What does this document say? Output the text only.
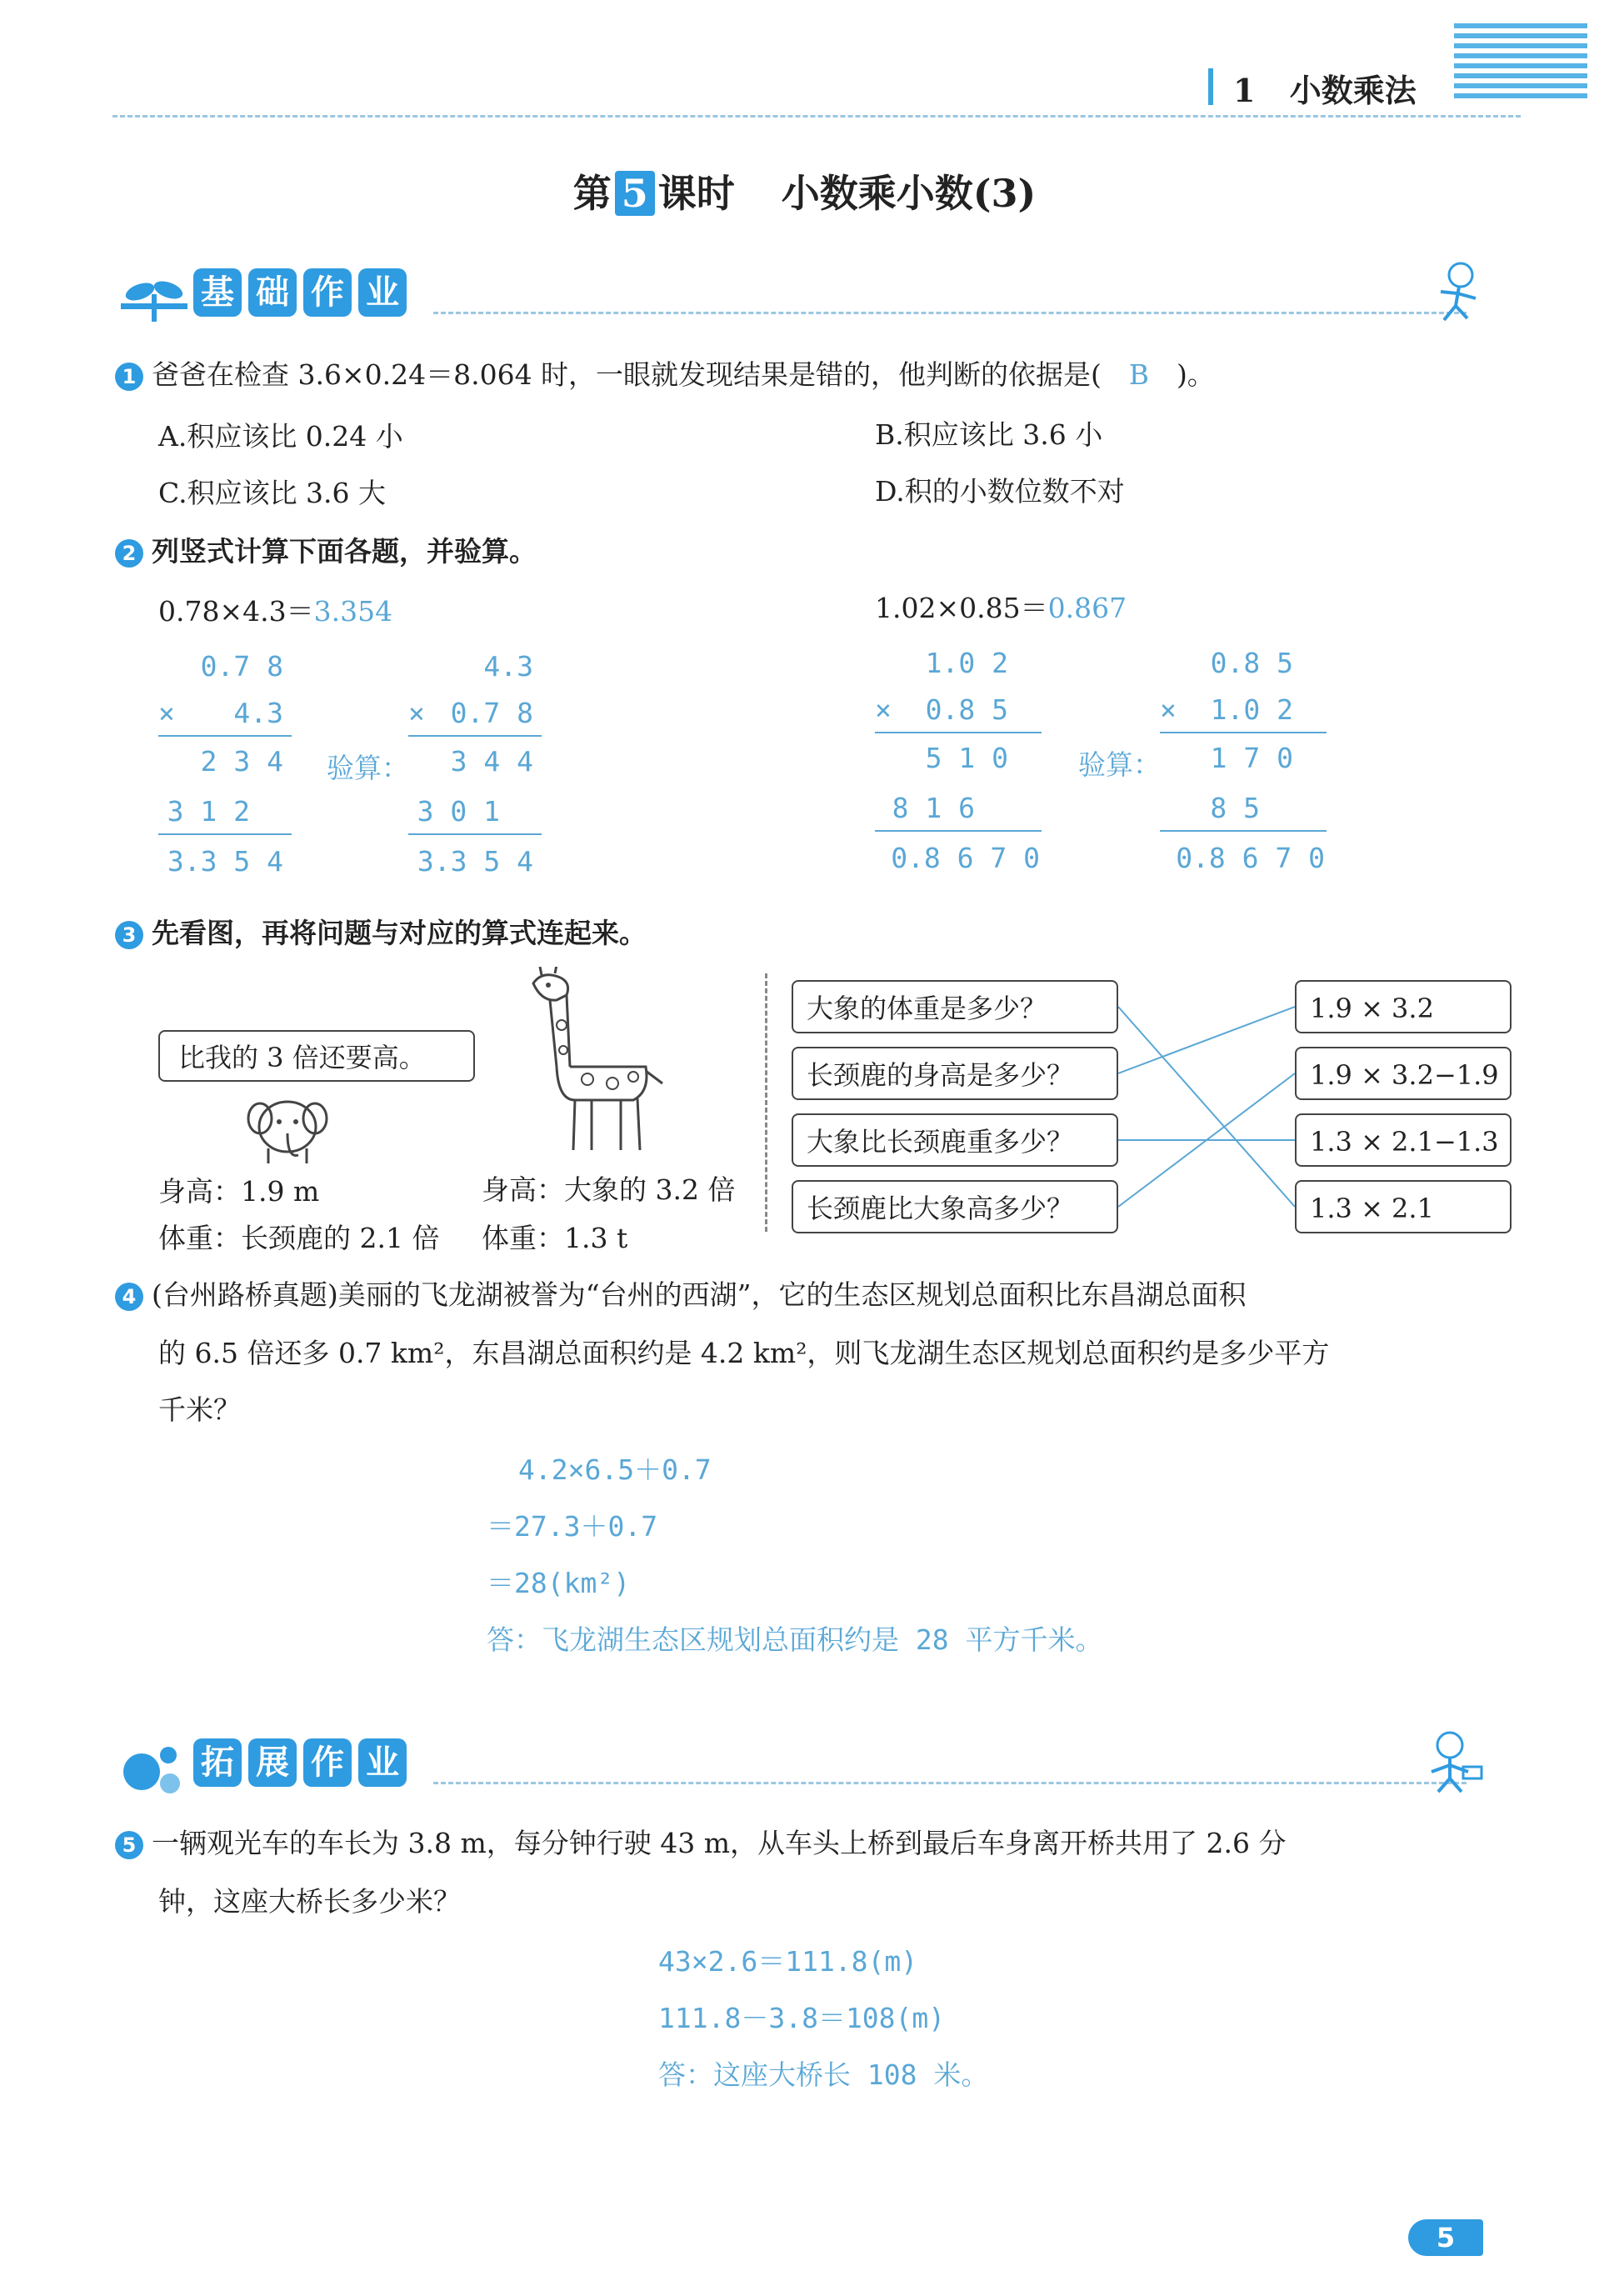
1 小数乘法
第 5 课时 小数乘小数(3)
基 础 作 业
1 爸爸在检查 3.6×0.24＝8.064 时，一眼就发现结果是错的，他判断的依据是( B )。
A.积应该比 0.24 小	B.积应该比 3.6 小
C.积应该比 3.6 大	D.积的小数位数不对
2 列竖式计算下面各题，并验算。
0.78×4.3＝3.354	1.02×0.85＝0.867
0.7 8
× 4.3
2 3 4
3 1 2
3.3 5 4
验算：
4.3
× 0.7 8
3 4 4
3 0 1
3.3 5 4
1.0 2
× 0.8 5
5 1 0
8 1 6
0.8 6 7 0
验算：
0.8 5
× 1.0 2
1 7 0
8 5
0.8 6 7 0
3 先看图，再将问题与对应的算式连起来。
比我的 3 倍还要高。
身高：1.9 m
体重：长颈鹿的 2.1 倍
身高：大象的 3.2 倍
体重：1.3 t
大象的体重是多少？
长颈鹿的身高是多少？
大象比长颈鹿重多少？
长颈鹿比大象高多少？
1.9 × 3.2
1.9 × 3.2−1.9
1.3 × 2.1−1.3
1.3 × 2.1
4 (台州路桥真题)美丽的飞龙湖被誉为“台州的西湖”，它的生态区规划总面积比东昌湖总面积
的 6.5 倍还多 0.7 km²，东昌湖总面积约是 4.2 km²，则飞龙湖生态区规划总面积约是多少平方
千米？
4.2×6.5＋0.7
＝27.3＋0.7
＝28(km²)
答：飞龙湖生态区规划总面积约是 28 平方千米。
拓 展 作 业
5 一辆观光车的车长为 3.8 m，每分钟行驶 43 m，从车头上桥到最后车身离开桥共用了 2.6 分
钟，这座大桥长多少米？
43×2.6＝111.8(m)
111.8－3.8＝108(m)
答：这座大桥长 108 米。
5
